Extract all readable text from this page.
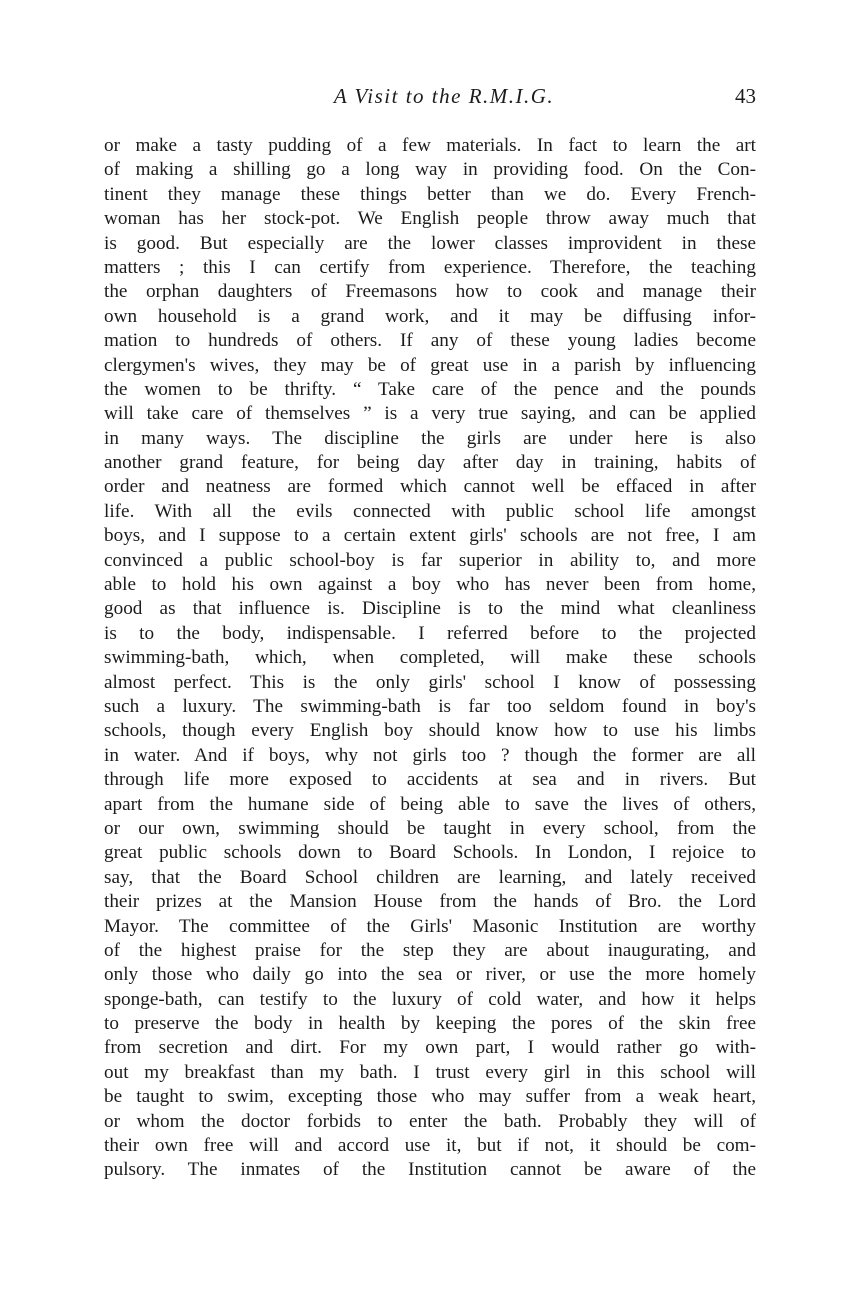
A Visit to the R.M.I.G.	43
or make a tasty pudding of a few materials. In fact to learn the art
of making a shilling go a long way in providing food. On the Con-
tinent they manage these things better than we do. Every French-
woman has her stock-pot. We English people throw away much that
is good. But especially are the lower classes improvident in these
matters ; this I can certify from experience. Therefore, the teaching
the orphan daughters of Freemasons how to cook and manage their
own household is a grand work, and it may be diffusing infor-
mation to hundreds of others. If any of these young ladies become
clergymen's wives, they may be of great use in a parish by influencing
the women to be thrifty. “ Take care of the pence and the pounds
will take care of themselves ” is a very true saying, and can be applied
in many ways. The discipline the girls are under here is also
another grand feature, for being day after day in training, habits of
order and neatness are formed which cannot well be effaced in after
life. With all the evils connected with public school life amongst
boys, and I suppose to a certain extent girls' schools are not free, I am
convinced a public school-boy is far superior in ability to, and more
able to hold his own against a boy who has never been from home,
good as that influence is. Discipline is to the mind what cleanliness
is to the body, indispensable. I referred before to the projected
swimming-bath, which, when completed, will make these schools
almost perfect. This is the only girls' school I know of possessing
such a luxury. The swimming-bath is far too seldom found in boy's
schools, though every English boy should know how to use his limbs
in water. And if boys, why not girls too ? though the former are all
through life more exposed to accidents at sea and in rivers. But
apart from the humane side of being able to save the lives of others,
or our own, swimming should be taught in every school, from the
great public schools down to Board Schools. In London, I rejoice to
say, that the Board School children are learning, and lately received
their prizes at the Mansion House from the hands of Bro. the Lord
Mayor. The committee of the Girls' Masonic Institution are worthy
of the highest praise for the step they are about inaugurating, and
only those who daily go into the sea or river, or use the more homely
sponge-bath, can testify to the luxury of cold water, and how it helps
to preserve the body in health by keeping the pores of the skin free
from secretion and dirt. For my own part, I would rather go with-
out my breakfast than my bath. I trust every girl in this school will
be taught to swim, excepting those who may suffer from a weak heart,
or whom the doctor forbids to enter the bath. Probably they will of
their own free will and accord use it, but if not, it should be com-
pulsory. The inmates of the Institution cannot be aware of the
